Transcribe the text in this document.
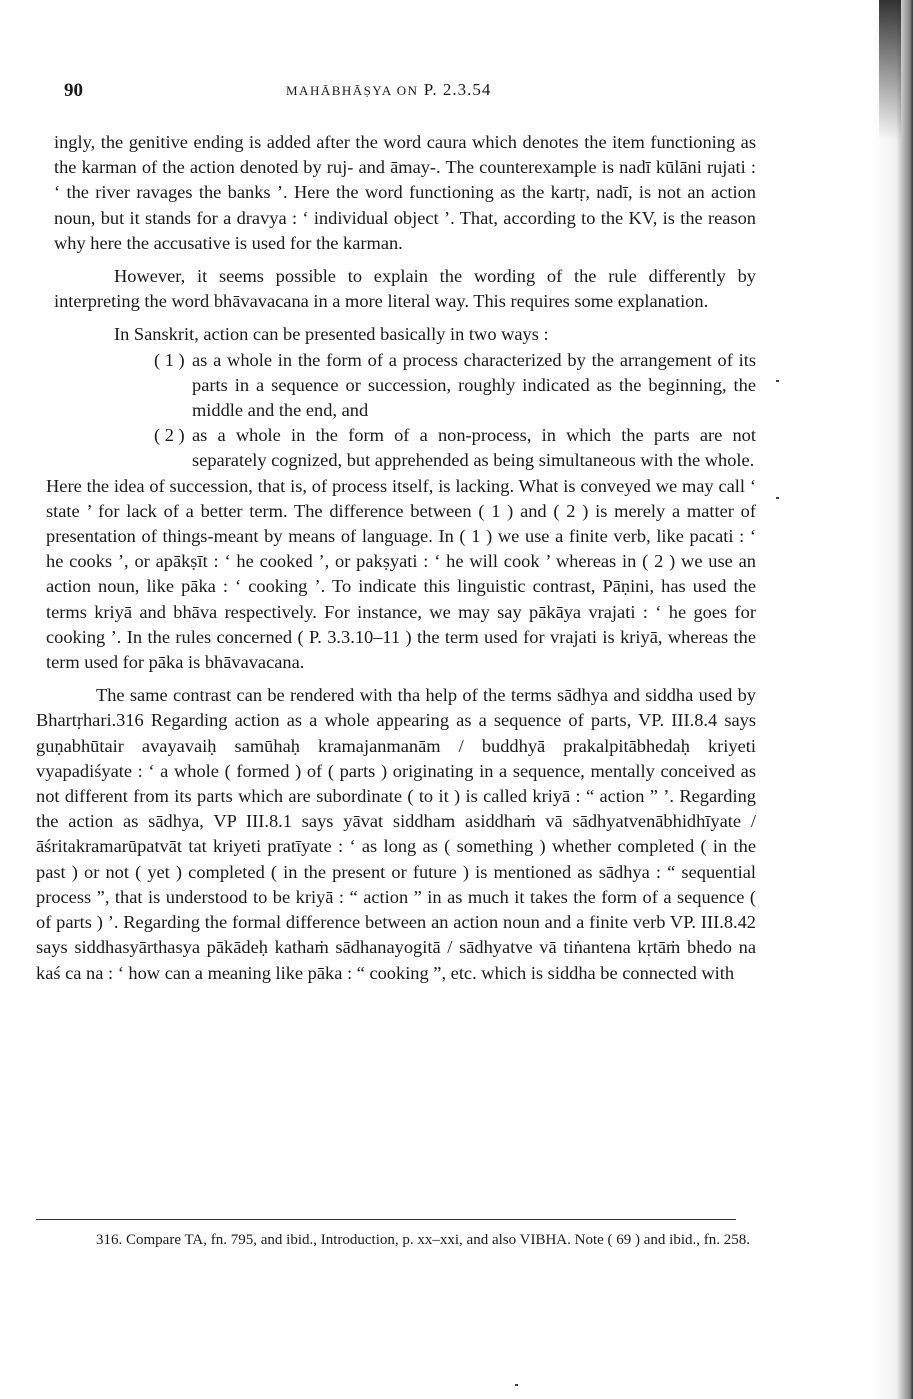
90	MAHĀBHĀṢYA ON P. 2.3.54

ingly, the genitive ending is added after the word caura which denotes the item functioning as the karman of the action denoted by ruj- and āmay-. The counterexample is nadī kūlāni rujati : ‘ the river ravages the banks ’. Here the word functioning as the kartṛ, nadī, is not an action noun, but it stands for a dravya : ‘ individual object ’. That, according to the KV, is the reason why here the accusative is used for the karman.

However, it seems possible to explain the wording of the rule differently by interpreting the word bhāvavacana in a more literal way. This requires some explanation.

In Sanskrit, action can be presented basically in two ways :

( 1 ) as a whole in the form of a process characterized by the arrangement of its parts in a sequence or succession, roughly indicated as the beginning, the middle and the end, and
( 2 ) as a whole in the form of a non-process, in which the parts are not separately cognized, but apprehended as being simultaneous with the whole.

Here the idea of succession, that is, of process itself, is lacking. What is conveyed we may call ‘ state ’ for lack of a better term. The difference between ( 1 ) and ( 2 ) is merely a matter of presentation of things-meant by means of language. In ( 1 ) we use a finite verb, like pacati : ‘ he cooks ’, or apākṣīt : ‘ he cooked ’, or pakṣyati : ‘ he will cook ’ whereas in ( 2 ) we use an action noun, like pāka : ‘ cooking ’. To indicate this linguistic contrast, Pāṇini, has used the terms kriyā and bhāva respectively. For instance, we may say pākāya vrajati : ‘ he goes for cooking ’. In the rules concerned ( P. 3.3.10–11 ) the term used for vrajati is kriyā, whereas the term used for pāka is bhāvavacana.

The same contrast can be rendered with tha help of the terms sādhya and siddha used by Bhartṛhari.316 Regarding action as a whole appearing as a sequence of parts, VP. III.8.4 says guṇabhūtair avayavaiḥ samūhaḥ kramajanmanām / buddhyā prakalpitābhedaḥ kriyeti vyapadiśyate : ‘ a whole ( formed ) of ( parts ) originating in a sequence, mentally conceived as not different from its parts which are subordinate ( to it ) is called kriyā : “ action ” ’. Regarding the action as sādhya, VP III.8.1 says yāvat siddham asiddhaṁ vā sādhyatvenābhidhīyate / āśritakramarūpatvāt tat kriyeti pratīyate : ‘ as long as ( something ) whether completed ( in the past ) or not ( yet ) completed ( in the present or future ) is mentioned as sādhya : “ sequential process ”, that is understood to be kriyā : “ action ” in as much it takes the form of a sequence ( of parts ) ’. Regarding the formal difference between an action noun and a finite verb VP. III.8.42 says siddhasyārthasya pākādeḥ kathaṁ sādhanayogitā / sādhyatve vā tiṅantena kṛtāṁ bhedo na kaś ca na : ‘ how can a meaning like pāka : “ cooking ”, etc. which is siddha be connected with

316. Compare TA, fn. 795, and ibid., Introduction, p. xx–xxi, and also VIBHA. Note ( 69 ) and ibid., fn. 258.
